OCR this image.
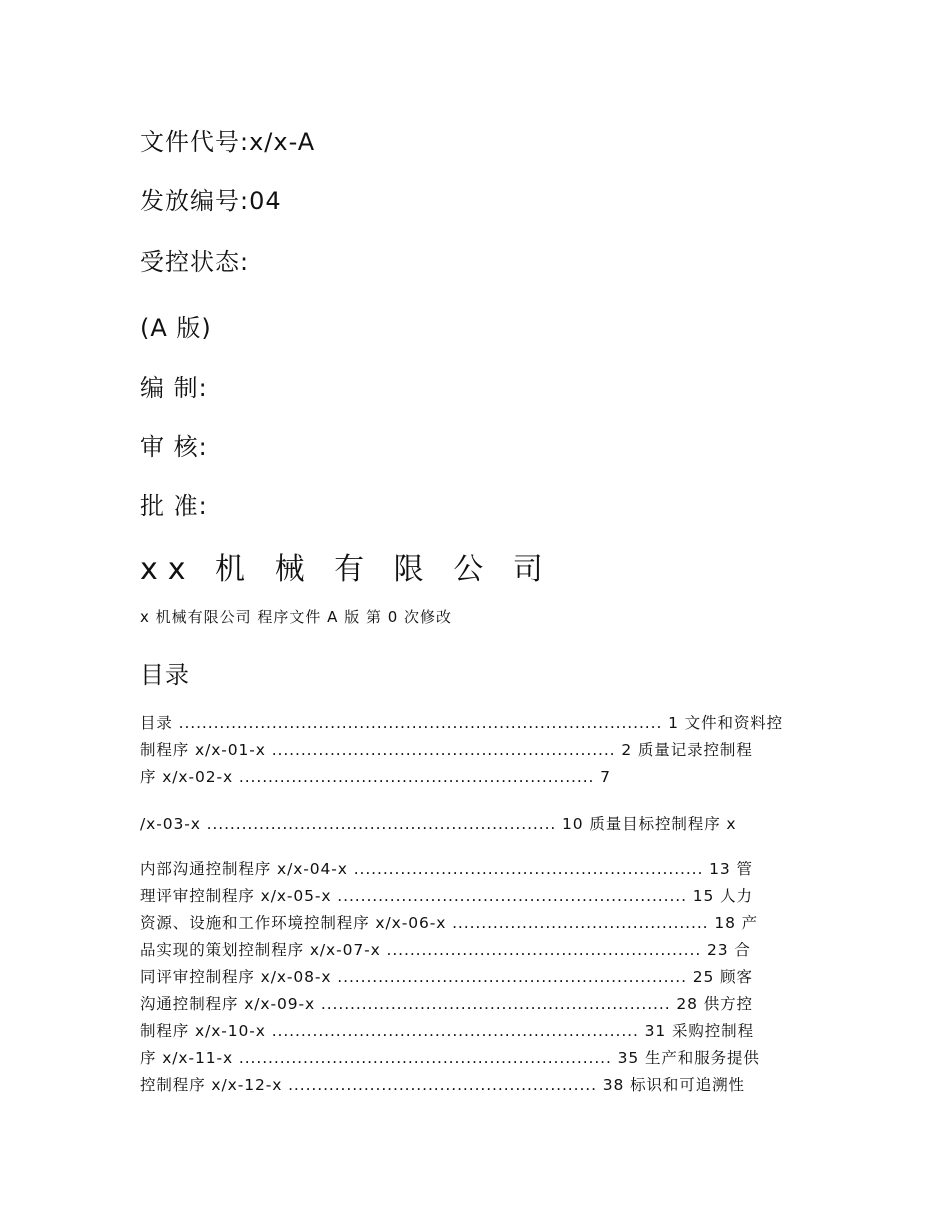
文件代号:x/x-A

发放编号:04

受控状态:

(A 版)

编 制:

审 核:

批 准:

xx 机 械 有 限 公 司

x 机械有限公司 程序文件 A 版 第 0 次修改

目录

目录 ................................................................................... 1 文件和资料控

制程序 x/x-01-x ........................................................... 2 质量记录控制程

序 x/x-02-x ............................................................. 7

/x-03-x ............................................................ 10 质量目标控制程序 x

内部沟通控制程序 x/x-04-x ............................................................ 13 管

理评审控制程序 x/x-05-x ............................................................ 15 人力

资源、设施和工作环境控制程序 x/x-06-x ............................................ 18 产

品实现的策划控制程序 x/x-07-x ...................................................... 23 合

同评审控制程序 x/x-08-x ............................................................ 25 顾客

沟通控制程序 x/x-09-x ............................................................ 28 供方控

制程序 x/x-10-x ............................................................... 31 采购控制程

序 x/x-11-x ................................................................ 35 生产和服务提供

控制程序 x/x-12-x ..................................................... 38 标识和可追溯性
